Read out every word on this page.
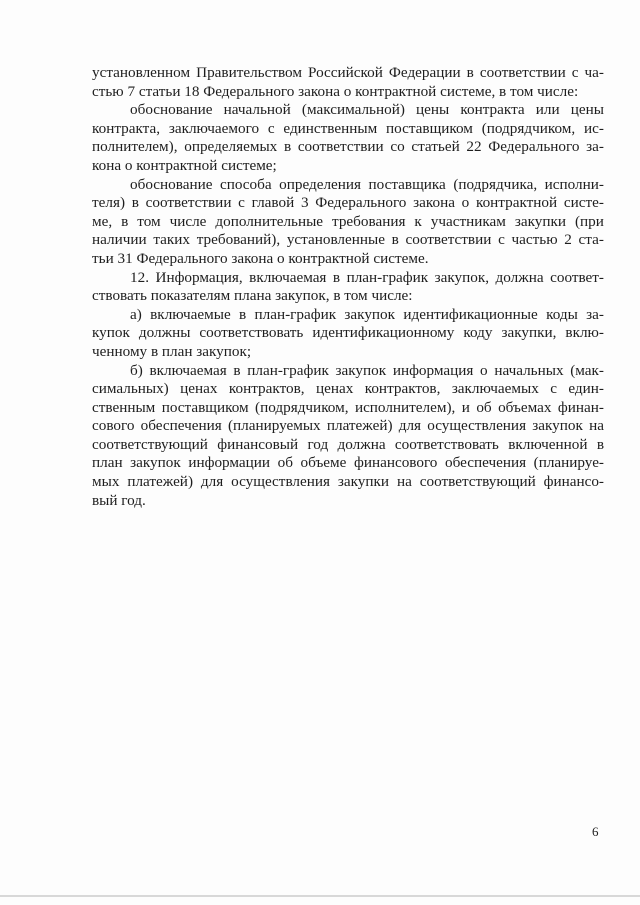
установленном Правительством Российской Федерации в соответствии с ча-
стью 7 статьи 18 Федерального закона о контрактной системе, в том числе:
обоснование начальной (максимальной) цены контракта или цены
контракта, заключаемого с единственным поставщиком (подрядчиком, ис-
полнителем), определяемых в соответствии со статьей 22 Федерального за-
кона о контрактной системе;
обоснование способа определения поставщика (подрядчика, исполни-
теля) в соответствии с главой 3 Федерального закона о контрактной систе-
ме, в том числе дополнительные требования к участникам закупки (при
наличии таких требований), установленные в соответствии с частью 2 ста-
тьи 31 Федерального закона о контрактной системе.
12. Информация, включаемая в план-график закупок, должна соответ-
ствовать показателям плана закупок, в том числе:
а) включаемые в план-график закупок идентификационные коды за-
купок должны соответствовать идентификационному коду закупки, вклю-
ченному в план закупок;
б) включаемая в план-график закупок информация о начальных (мак-
симальных) ценах контрактов, ценах контрактов, заключаемых с един-
ственным поставщиком (подрядчиком, исполнителем), и об объемах финан-
сового обеспечения (планируемых платежей) для осуществления закупок на
соответствующий финансовый год должна соответствовать включенной в
план закупок информации об объеме финансового обеспечения (планируе-
мых платежей) для осуществления закупки на соответствующий финансо-
вый год.
6
